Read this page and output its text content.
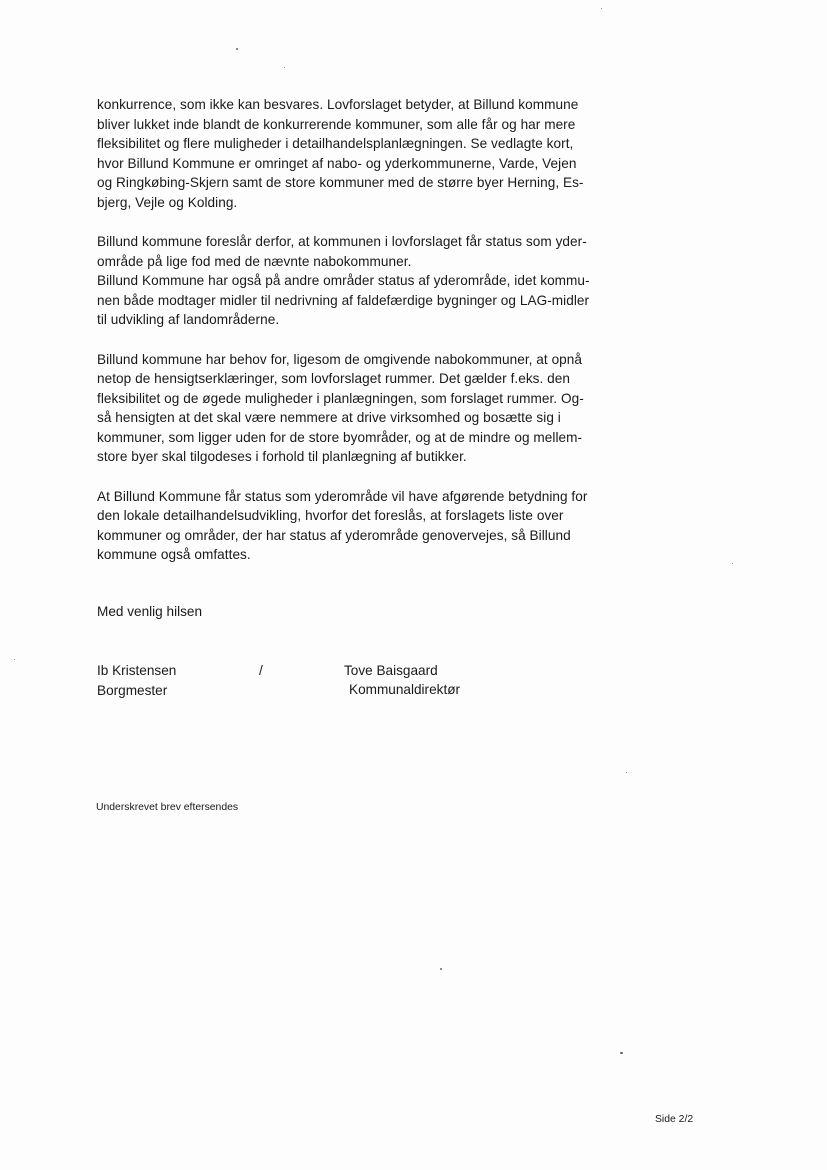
konkurrence, som ikke kan besvares. Lovforslaget betyder, at Billund kommune
bliver lukket inde blandt de konkurrerende kommuner, som alle får og har mere
fleksibilitet og flere muligheder i detailhandelsplanlægningen. Se vedlagte kort,
hvor Billund Kommune er omringet af nabo- og yderkommunerne, Varde, Vejen
og Ringkøbing-Skjern samt de store kommuner med de større byer Herning, Es-
bjerg, Vejle og Kolding.

Billund kommune foreslår derfor, at kommunen i lovforslaget får status som yder-
område på lige fod med de nævnte nabokommuner.
Billund Kommune har også på andre områder status af yderområde, idet kommu-
nen både modtager midler til nedrivning af faldefærdige bygninger og LAG-midler
til udvikling af landområderne.

Billund kommune har behov for, ligesom de omgivende nabokommuner, at opnå
netop de hensigtserklæringer, som lovforslaget rummer. Det gælder f.eks. den
fleksibilitet og de øgede muligheder i planlægningen, som forslaget rummer. Og-
så hensigten at det skal være nemmere at drive virksomhed og bosætte sig i
kommuner, som ligger uden for de store byområder, og at de mindre og mellem-
store byer skal tilgodeses i forhold til planlægning af butikker.

At Billund Kommune får status som yderområde vil have afgørende betydning for
den lokale detailhandelsudvikling, hvorfor det foreslås, at forslagets liste over
kommuner og områder, der har status af yderområde genovervejes, så Billund
kommune også omfattes.

Med venlig hilsen
Ib Kristensen
Borgmester
/	Tove Baisgaard
Kommunaldirektør
Underskrevet brev eftersendes
Side 2/2
